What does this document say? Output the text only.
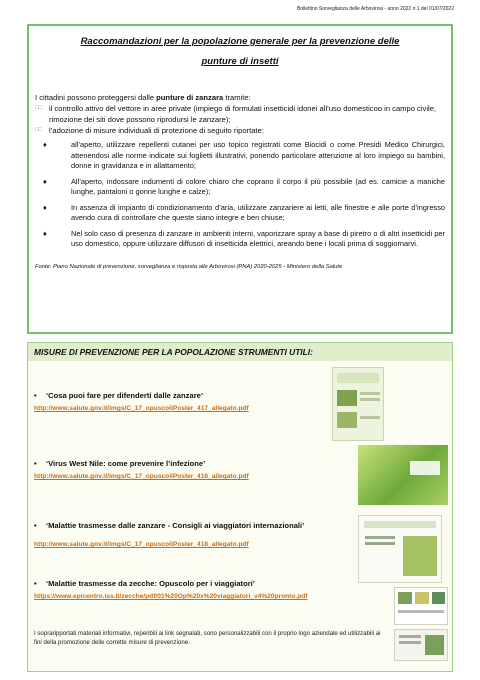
Bollettino Sorveglianza delle Arbovirosi - anno 2022 n.1 del 01/07/2022
Raccomandazioni per la popolazione generale per la prevenzione delle
punture di insetti
I cittadini possono proteggersi dalle punture di zanzara tramite:
□□ il controllo attivo del vettore in aree private (impiego di formulati insetticidi idonei all’uso domesticoo in campo civile, rimozione dei siti dove possono riprodursi le zanzare);
□□ l’adozione di misure individuali di protezione di seguito riportate:
♦	all’aperto, utilizzare repellenti cutanei per uso topico registrati come Biocidi o come Presidi Medico Chirurgici, attenendosi alle norme indicate sui foglietti illustrativi, ponendo particolare attenzione al loro impiego su bambini, donne in gravidanza e in allattamento;
♦	All’aperto, indossare indumenti di colore chiaro che coprano il corpo il più possibile (ad es. camicie a maniche lunghe, pantaloni o gonne lunghe e calze);
♦	In assenza di impianto di condizionamento d’aria, utilizzare zanzariere ai letti, alle finestre e alle porte d’ingresso avendo cura di controllare che queste siano integre e ben chiuse;
♦	Nel solo caso di presenza di zanzare in ambienti interni, vaporizzare spray a base di piretro o di altri insetticidi per uso domestico, oppure utilizzare diffusori di insetticida elettrici, areando bene i locali prima di soggiornarvi.
Fonte: Piano Nazionale di prevenzione, sorveglianza e risposta alle Arbovirosi (PNA) 2020-2025 - Ministero della Salute
MISURE DI PREVENZIONE PER LA POPOLAZIONE STRUMENTI UTILI:
•	‘Cosa puoi fare per difenderti dalle zanzare’
http://www.salute.gov.it/imgs/C_17_opuscoliPoster_417_allegato.pdf
•	‘Virus West Nile: come prevenire l’infezione’
http://www.salute.gov.it/imgs/C_17_opuscoliPoster_416_allegato.pdf
•	‘Malattie trasmesse dalle zanzare - Consigli ai viaggiatori internazionali’
http://www.salute.gov.it/imgs/C_17_opuscoliPoster_418_allegato.pdf
•	‘Malattie trasmesse da zecche: Opuscolo per i viaggiatori’
https://www.epicentro.iss.it/zecche/pdf/01%20Op%20x%20viaggiatori_v4%20pronto.pdf
I sopraripportati materiali informativi, reperibili ai link segnalati, sono personalizzabili con il proprio logo aziendale ed utilizzabili ai fini della promozione delle corrette misure di prevenzione.
